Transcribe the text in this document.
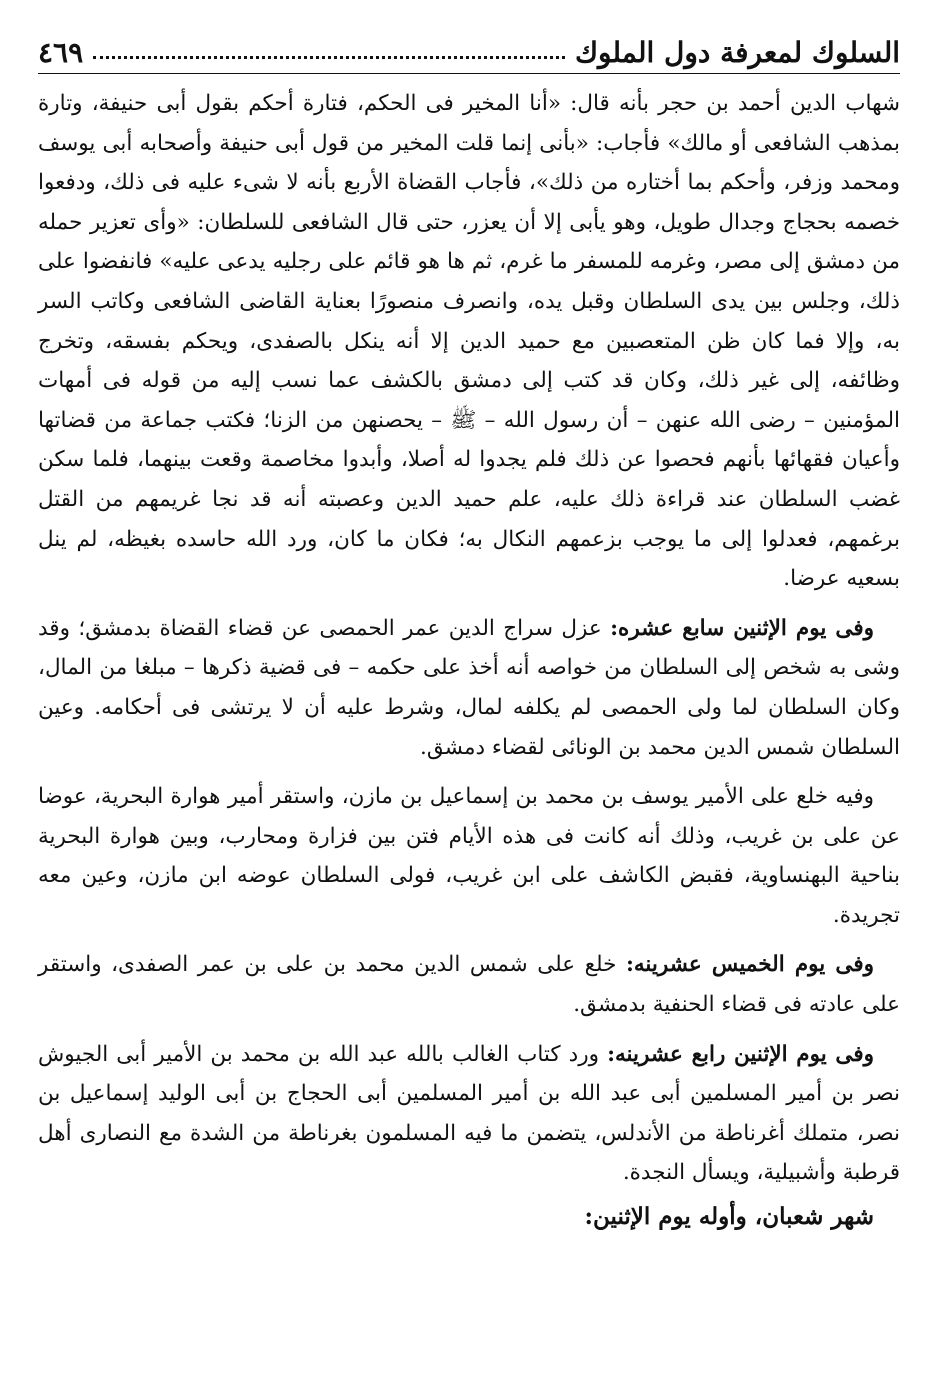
السلوك لمعرفة دول الملوك
٤٦٩

شهاب الدين أحمد بن حجر بأنه قال: «أنا المخير فى الحكم، فتارة أحكم بقول أبى حنيفة، وتارة بمذهب الشافعى أو مالك» فأجاب: «بأنى إنما قلت المخير من قول أبى حنيفة وأصحابه أبى يوسف ومحمد وزفر، وأحكم بما أختاره من ذلك»، فأجاب القضاة الأربع بأنه لا شىء عليه فى ذلك، ودفعوا خصمه بحجاج وجدال طويل، وهو يأبى إلا أن يعزر، حتى قال الشافعى للسلطان: «وأى تعزير حمله من دمشق إلى مصر، وغرمه للمسفر ما غرم، ثم ها هو قائم على رجليه يدعى عليه» فانفضوا على ذلك، وجلس بين يدى السلطان وقبل يده، وانصرف منصورًا بعناية القاضى الشافعى وكاتب السر به، وإلا فما كان ظن المتعصبين مع حميد الدين إلا أنه ينكل بالصفدى، ويحكم بفسقه، وتخرج وظائفه، إلى غير ذلك، وكان قد كتب إلى دمشق بالكشف عما نسب إليه من قوله فى أمهات المؤمنين – رضى الله عنهن – أن رسول الله – ﷺ – يحصنهن من الزنا؛ فكتب جماعة من قضاتها وأعيان فقهائها بأنهم فحصوا عن ذلك فلم يجدوا له أصلا، وأبدوا مخاصمة وقعت بينهما، فلما سكن غضب السلطان عند قراءة ذلك عليه، علم حميد الدين وعصبته أنه قد نجا غريمهم من القتل برغمهم، فعدلوا إلى ما يوجب بزعمهم النكال به؛ فكان ما كان، ورد الله حاسده بغيظه، لم ينل بسعيه عرضا.

وفى يوم الإثنين سابع عشره: عزل سراج الدين عمر الحمصى عن قضاء القضاة بدمشق؛ وقد وشى به شخص إلى السلطان من خواصه أنه أخذ على حكمه – فى قضية ذكرها – مبلغا من المال، وكان السلطان لما ولى الحمصى لم يكلفه لمال، وشرط عليه أن لا يرتشى فى أحكامه. وعين السلطان شمس الدين محمد بن الونائى لقضاء دمشق.

وفيه خلع على الأمير يوسف بن محمد بن إسماعيل بن مازن، واستقر أمير هوارة البحرية، عوضا عن على بن غريب، وذلك أنه كانت فى هذه الأيام فتن بين فزارة ومحارب، وبين هوارة البحرية بناحية البهنساوية، فقبض الكاشف على ابن غريب، فولى السلطان عوضه ابن مازن، وعين معه تجريدة.

وفى يوم الخميس عشرينه: خلع على شمس الدين محمد بن على بن عمر الصفدى، واستقر على عادته فى قضاء الحنفية بدمشق.

وفى يوم الإثنين رابع عشرينه: ورد كتاب الغالب بالله عبد الله بن محمد بن الأمير أبى الجيوش نصر بن أمير المسلمين أبى عبد الله بن أمير المسلمين أبى الحجاج بن أبى الوليد إسماعيل بن نصر، متملك أغرناطة من الأندلس، يتضمن ما فيه المسلمون بغرناطة من الشدة مع النصارى أهل قرطبة وأشبيلية، ويسأل النجدة.

شهر شعبان، وأوله يوم الإثنين:
